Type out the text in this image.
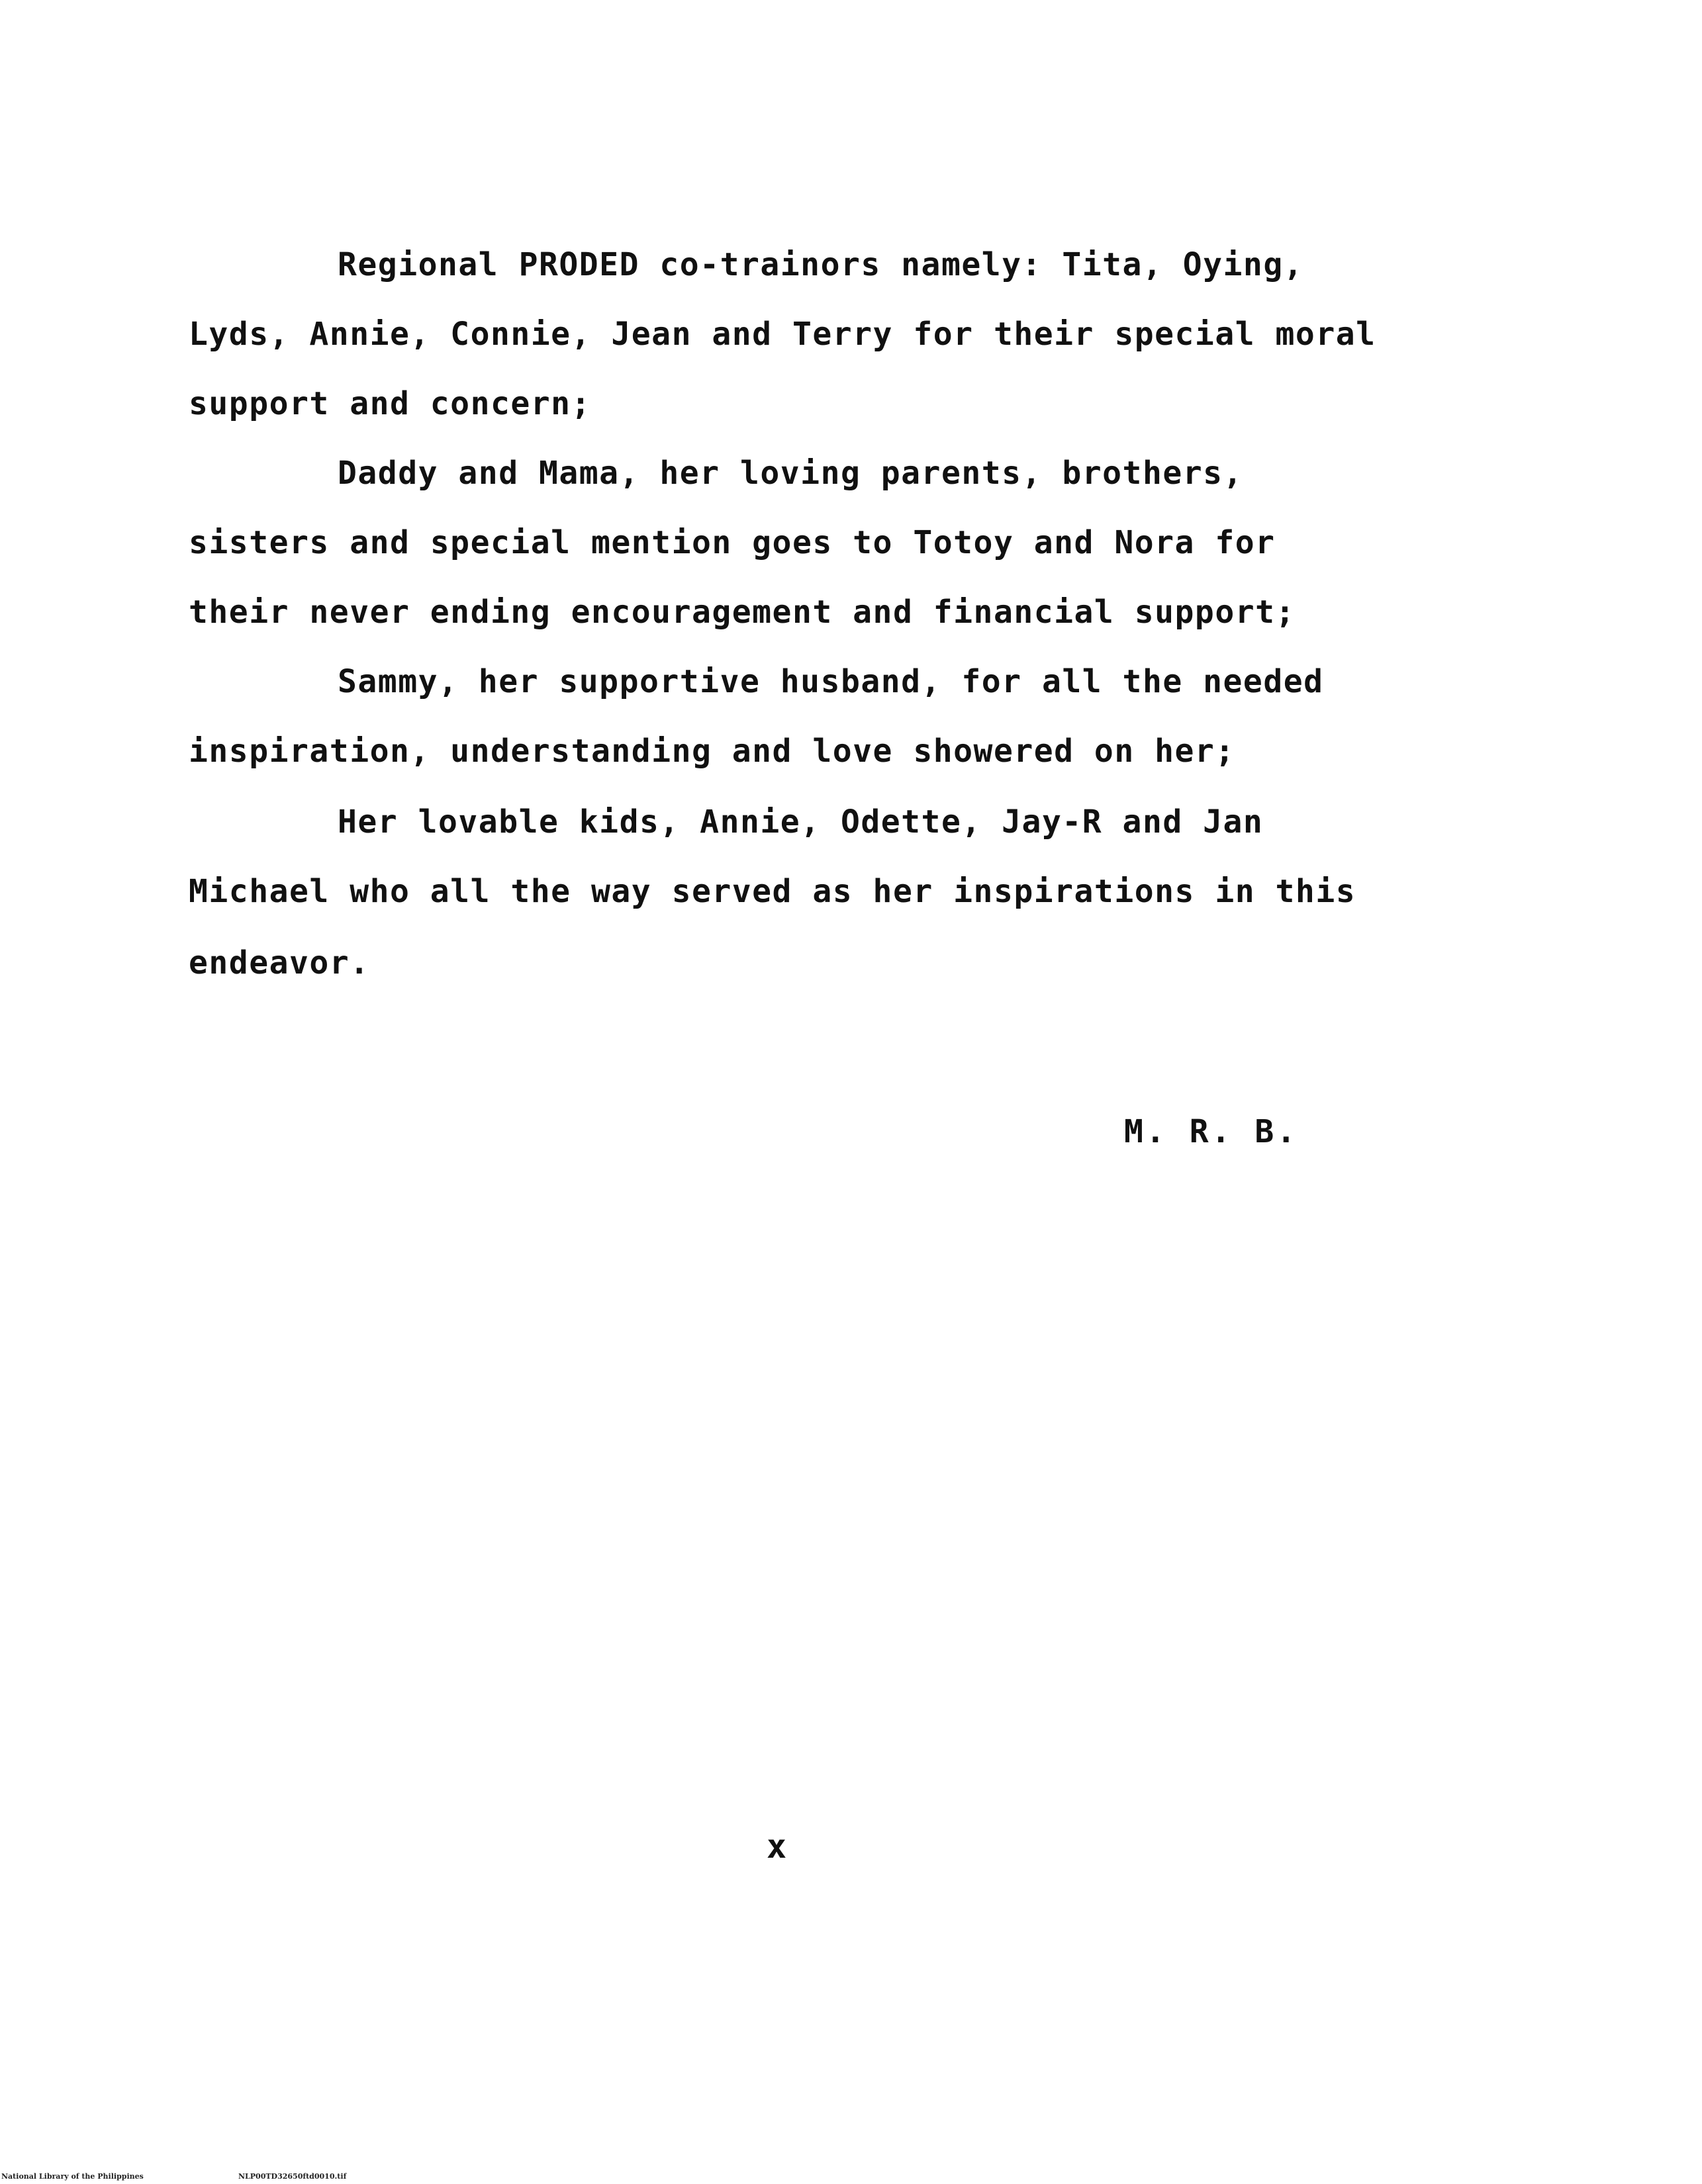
Regional PRODED co-trainors namely: Tita, Oying,
Lyds, Annie, Connie, Jean and Terry for their special moral
support and concern;
Daddy and Mama, her loving parents, brothers,
sisters and special mention goes to Totoy and Nora for
their never ending encouragement and financial support;
Sammy, her supportive husband, for all the needed
inspiration, understanding and love showered on her;
Her lovable kids, Annie, Odette, Jay-R and Jan
Michael who all the way served as her inspirations in this
endeavor.
M. R. B.
x
National Library of the Philippines	NLP00TD32650ftd0010.tif
